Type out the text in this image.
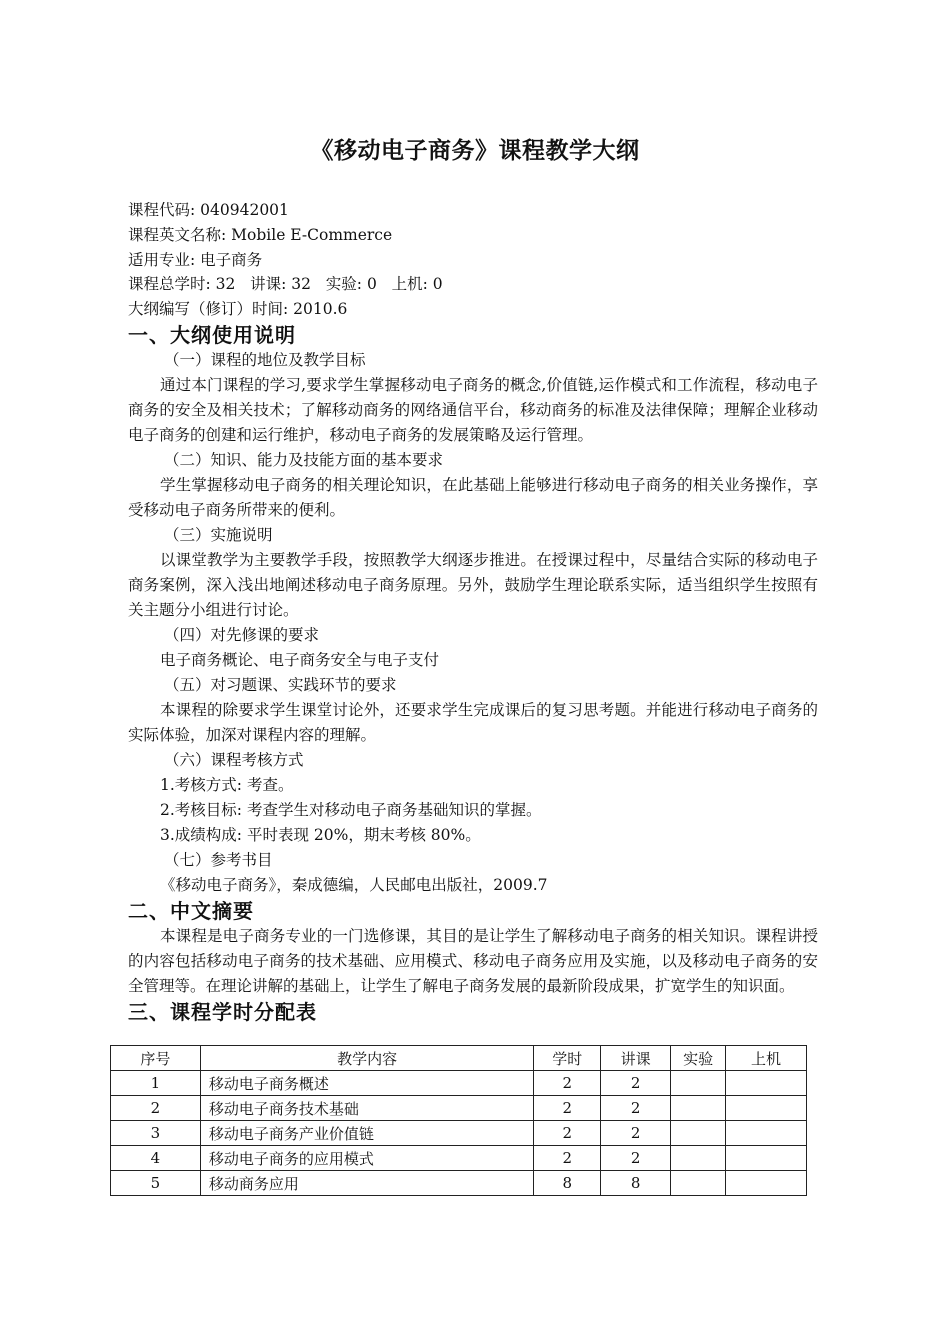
《移动电子商务》课程教学大纲
课程代码: 040942001
课程英文名称: Mobile E-Commerce
适用专业: 电子商务
课程总学时: 32   讲课: 32   实验: 0   上机: 0
大纲编写（修订）时间: 2010.6

一、大纲使用说明

（一）课程的地位及教学目标

通过本门课程的学习,要求学生掌握移动电子商务的概念,价值链,运作模式和工作流程，移动电子商务的安全及相关技术；了解移动商务的网络通信平台，移动商务的标准及法律保障；理解企业移动电子商务的创建和运行维护，移动电子商务的发展策略及运行管理。

（二）知识、能力及技能方面的基本要求

学生掌握移动电子商务的相关理论知识，在此基础上能够进行移动电子商务的相关业务操作，享受移动电子商务所带来的便利。

（三）实施说明

以课堂教学为主要教学手段，按照教学大纲逐步推进。在授课过程中，尽量结合实际的移动电子商务案例，深入浅出地阐述移动电子商务原理。另外，鼓励学生理论联系实际，适当组织学生按照有关主题分小组进行讨论。

（四）对先修课的要求

电子商务概论、电子商务安全与电子支付

（五）对习题课、实践环节的要求

本课程的除要求学生课堂讨论外，还要求学生完成课后的复习思考题。并能进行移动电子商务的实际体验，加深对课程内容的理解。

（六）课程考核方式

1.考核方式: 考查。

2.考核目标: 考查学生对移动电子商务基础知识的掌握。

3.成绩构成: 平时表现 20%，期末考核 80%。

（七）参考书目

《移动电子商务》，秦成德编，人民邮电出版社，2009.7

二、中文摘要

本课程是电子商务专业的一门选修课，其目的是让学生了解移动电子商务的相关知识。课程讲授的内容包括移动电子商务的技术基础、应用模式、移动电子商务应用及实施，以及移动电子商务的安全管理等。在理论讲解的基础上，让学生了解电子商务发展的最新阶段成果，扩宽学生的知识面。

三、课程学时分配表

序号	教学内容	学时	讲课	实验	上机
1	移动电子商务概述	2	2		
2	移动电子商务技术基础	2	2		
3	移动电子商务产业价值链	2	2		
4	移动电子商务的应用模式	2	2		
5	移动商务应用	8	8		
